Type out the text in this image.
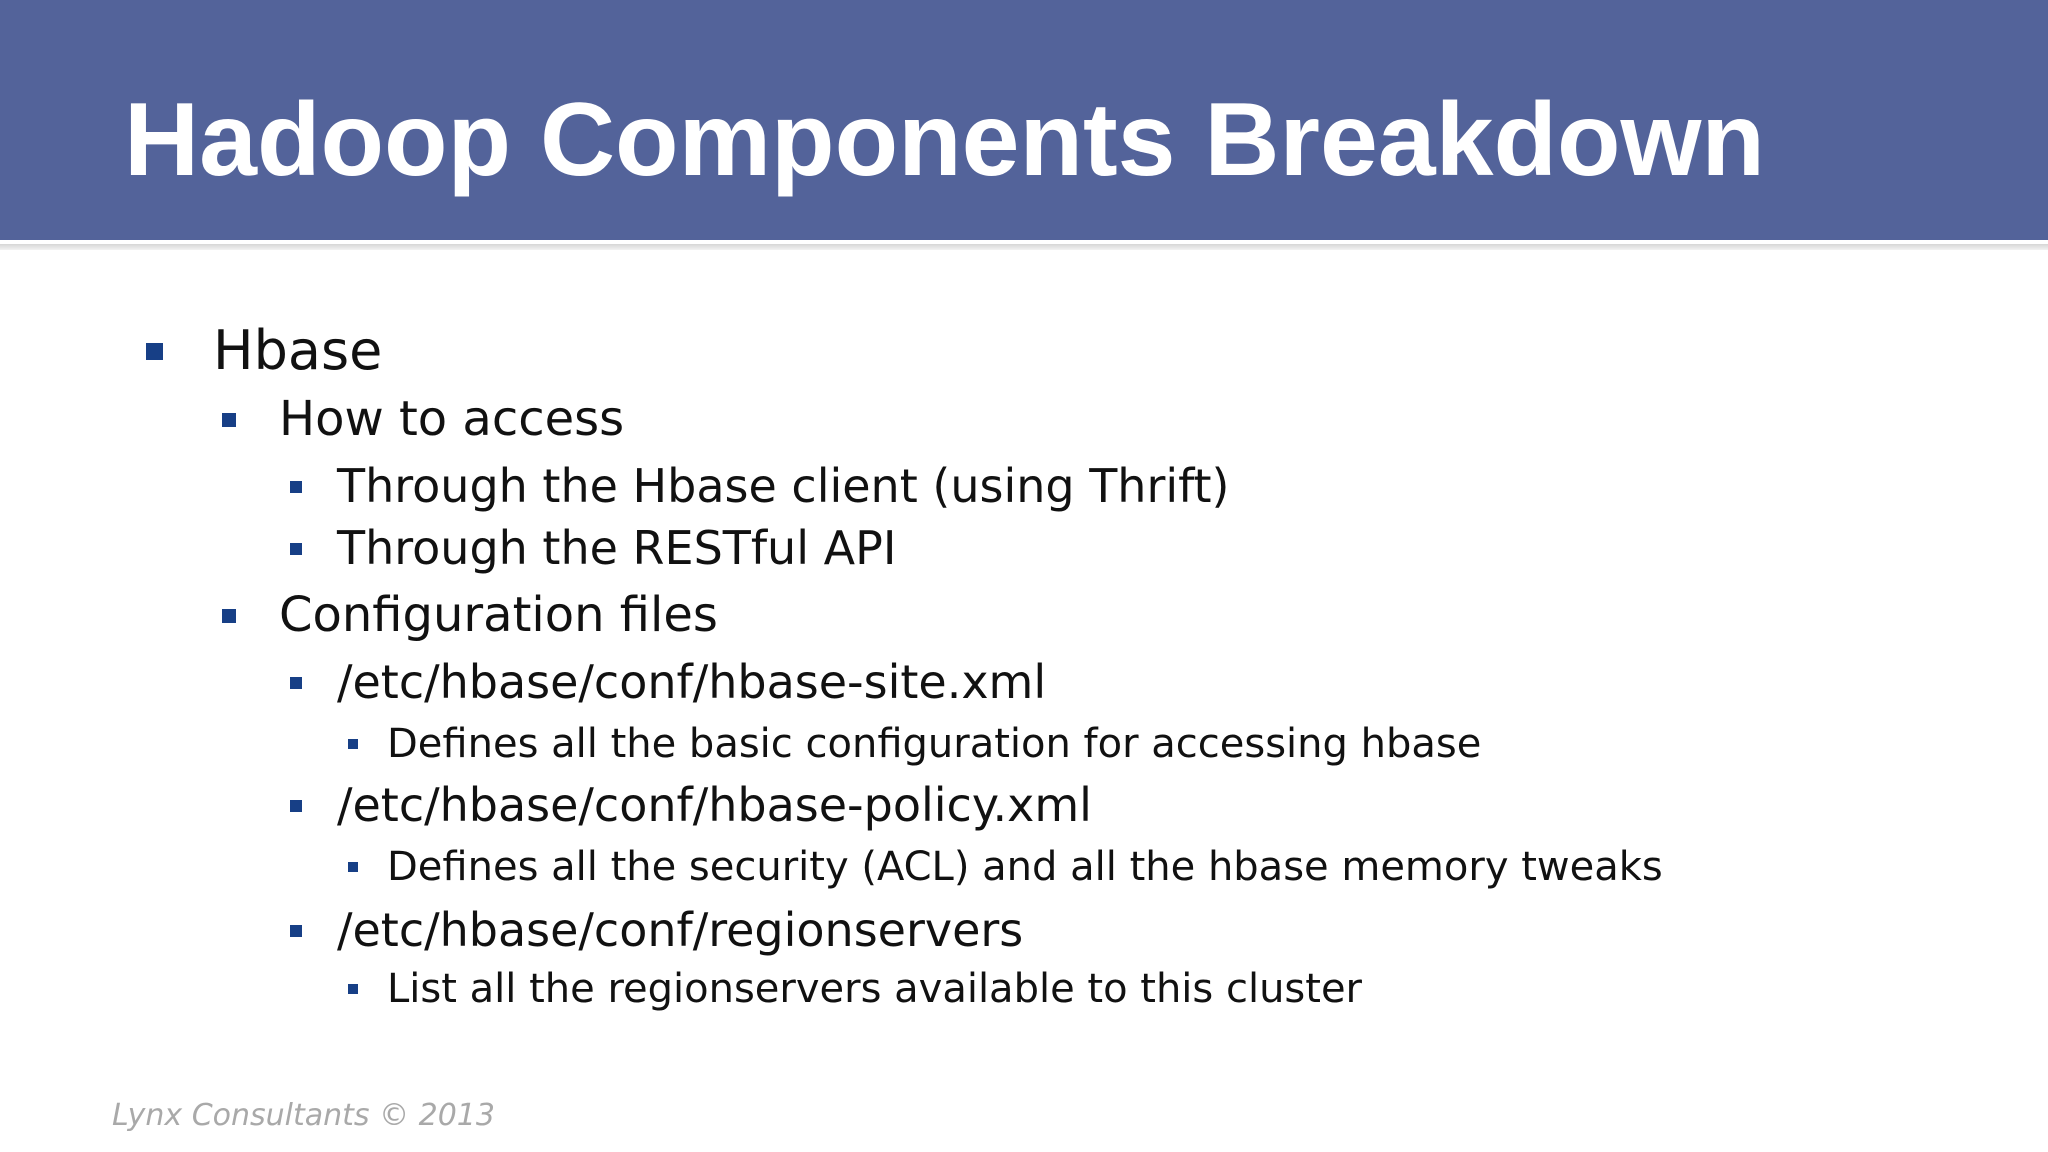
Hadoop Components Breakdown
Hbase
How to access
Through the Hbase client (using Thrift)
Through the RESTful API
Configuration files
/etc/hbase/conf/hbase-site.xml
Defines all the basic configuration for accessing hbase
/etc/hbase/conf/hbase-policy.xml
Defines all the security (ACL) and all the hbase memory tweaks
/etc/hbase/conf/regionservers
List all the regionservers available to this cluster
Lynx Consultants © 2013
